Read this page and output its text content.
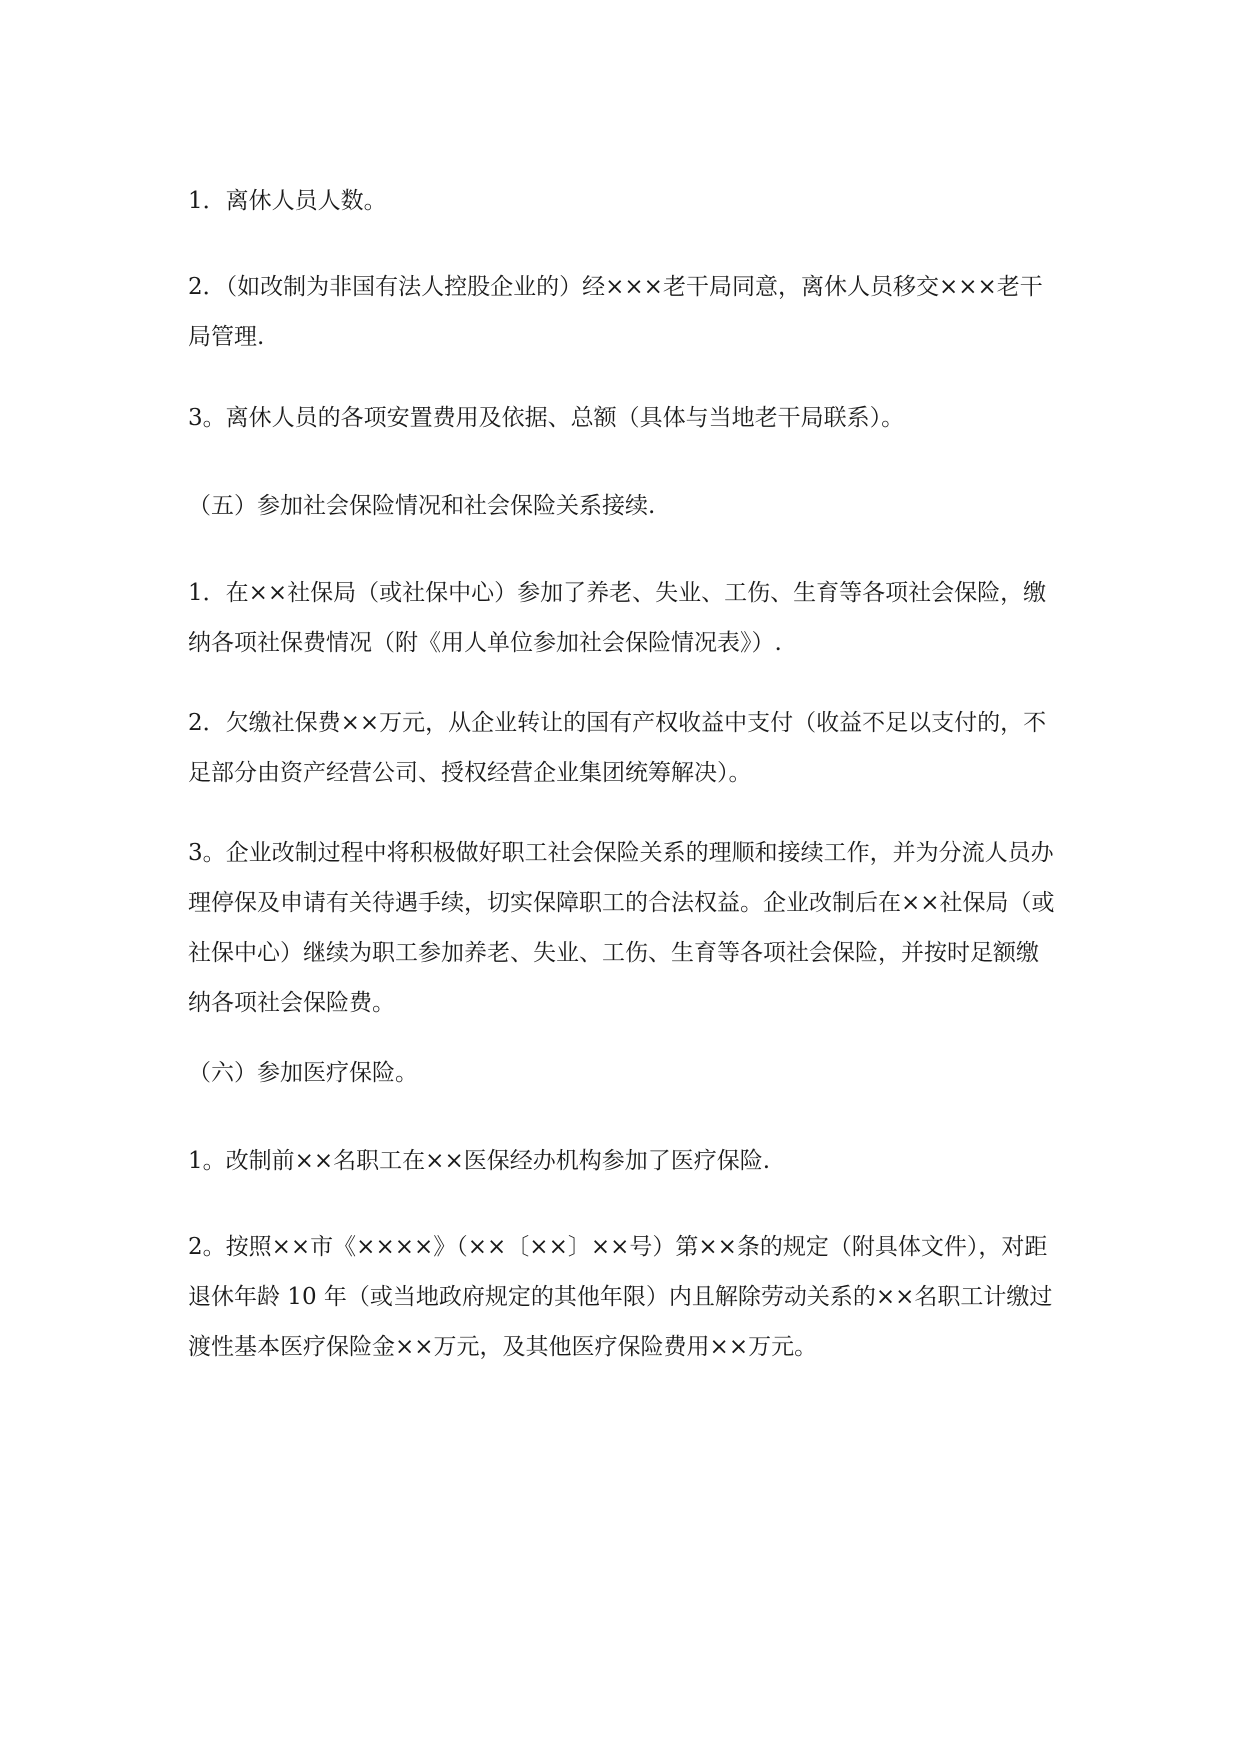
1．离休人员人数。

2．（如改制为非国有法人控股企业的）经×××老干局同意，离休人员移交×××老干局管理.

3。离休人员的各项安置费用及依据、总额（具体与当地老干局联系）。

（五）参加社会保险情况和社会保险关系接续.

1．在××社保局（或社保中心）参加了养老、失业、工伤、生育等各项社会保险，缴纳各项社保费情况（附《用人单位参加社会保险情况表》）.

2．欠缴社保费××万元，从企业转让的国有产权收益中支付（收益不足以支付的，不足部分由资产经营公司、授权经营企业集团统筹解决）。

3。企业改制过程中将积极做好职工社会保险关系的理顺和接续工作，并为分流人员办理停保及申请有关待遇手续，切实保障职工的合法权益。企业改制后在××社保局（或社保中心）继续为职工参加养老、失业、工伤、生育等各项社会保险，并按时足额缴纳各项社会保险费。

（六）参加医疗保险。

1。改制前××名职工在××医保经办机构参加了医疗保险.

2。按照××市《××××》（××〔××〕××号）第××条的规定（附具体文件），对距退休年龄 10 年（或当地政府规定的其他年限）内且解除劳动关系的××名职工计缴过渡性基本医疗保险金××万元，及其他医疗保险费用××万元。
